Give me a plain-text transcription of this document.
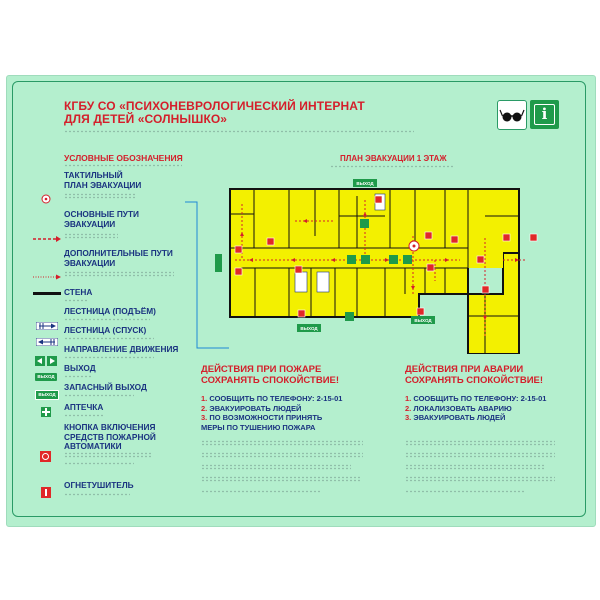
КГБУ СО «ПСИХОНЕВРОЛОГИЧЕСКИЙ ИНТЕРНАТ
ДЛЯ ДЕТЕЙ «СОЛНЫШКО»	i
УСЛОВНЫЕ ОБОЗНАЧЕНИЯ
ТАКТИЛЬНЫЙ
ПЛАН ЭВАКУАЦИИ
ОСНОВНЫЕ ПУТИ
ЭВАКУАЦИИ
ДОПОЛНИТЕЛЬНЫЕ ПУТИ
ЭВАКУАЦИИ
СТЕНА
ЛЕСТНИЦА (ПОДЪЁМ)
ЛЕСТНИЦА (СПУСК)
НАПРАВЛЕНИЕ ДВИЖЕНИЯ
ВЫХОД
ВЫХОД
ЗАПАСНЫЙ ВЫХОД
ВЫХОД
АПТЕЧКА
КНОПКА ВКЛЮЧЕНИЯ
СРЕДСТВ ПОЖАРНОЙ
АВТОМАТИКИ
ОГНЕТУШИТЕЛЬ
ПЛАН ЭВАКУАЦИИ 1 ЭТАЖ
ВЫХОД
ВЫХОД
ВЫХОД
ДЕЙСТВИЯ ПРИ ПОЖАРЕ
СОХРАНЯТЬ СПОКОЙСТВИЕ!
1. СООБЩИТЬ ПО ТЕЛЕФОНУ: 2-15-01
2. ЭВАКУИРОВАТЬ ЛЮДЕЙ
3. ПО ВОЗМОЖНОСТИ ПРИНЯТЬ
МЕРЫ ПО ТУШЕНИЮ ПОЖАРА
ДЕЙСТВИЯ ПРИ АВАРИИ
СОХРАНЯТЬ СПОКОЙСТВИЕ!
1. СООБЩИТЬ ПО ТЕЛЕФОНУ: 2-15-01
2. ЛОКАЛИЗОВАТЬ АВАРИЮ
3. ЭВАКУИРОВАТЬ ЛЮДЕЙ
